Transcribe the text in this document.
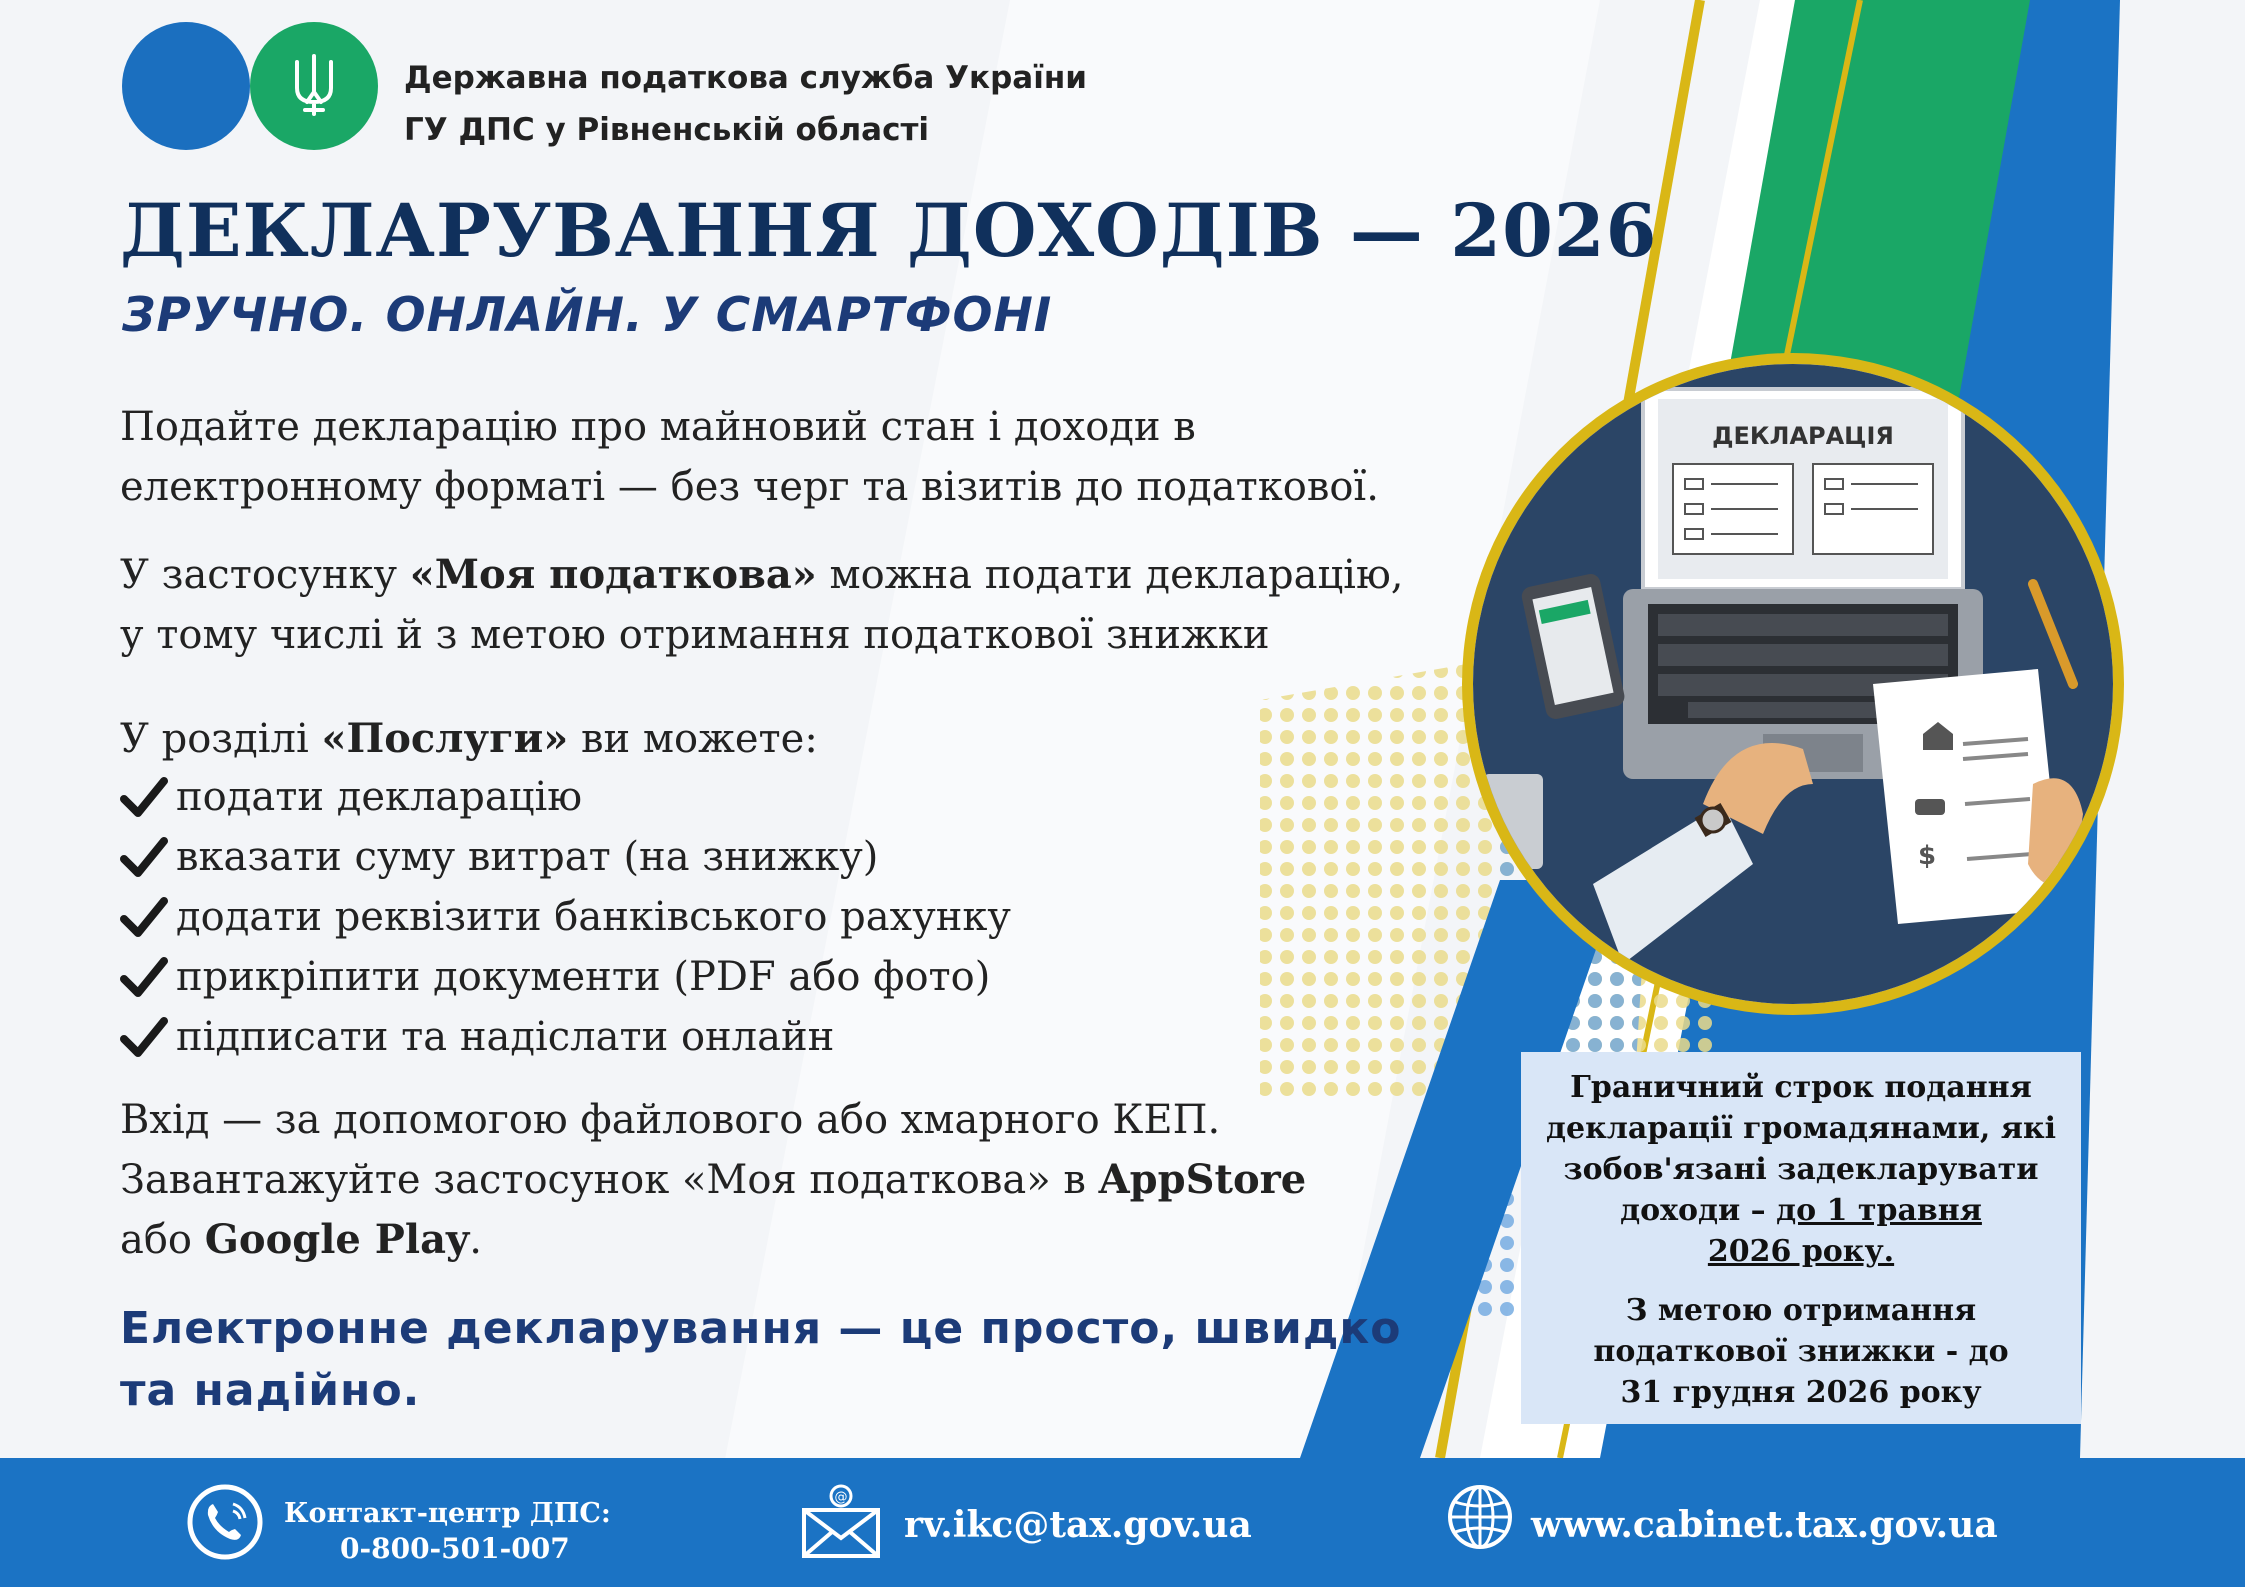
Державна податкова служба України
ГУ ДПС у Рівненській області
ДЕКЛАРУВАННЯ ДОХОДІВ — 2026
ЗРУЧНО. ОНЛАЙН. У СМАРТФОНІ
Подайте декларацію про майновий стан і доходи в
електронному форматі — без черг та візитів до податкової.
У застосунку «Моя податкова» можна подати декларацію,
у тому числі й з метою отримання податкової знижки
У розділі «Послуги» ви можете:
подати декларацію
вказати суму витрат (на знижку)
додати реквізити банківського рахунку
прикріпити документи (PDF або фото)
підписати та надіслати онлайн
Вхід — за допомогою файлового або хмарного КЕП.
Завантажуйте застосунок «Моя податкова» в AppStore
або Google Play.
Електронне декларування — це просто, швидко
та надійно.
ДЕКЛАРАЦІЯ
$
Граничний строк подання
декларації громадянами, які
зобов'язані задекларувати
доходи – до 1 травня
2026 року.
З метою отримання
податкової знижки - до
31 грудня 2026 року
Контакт-центр ДПС:
0-800-501-007
@
rv.ikc@tax.gov.ua	www.cabinet.tax.gov.ua
